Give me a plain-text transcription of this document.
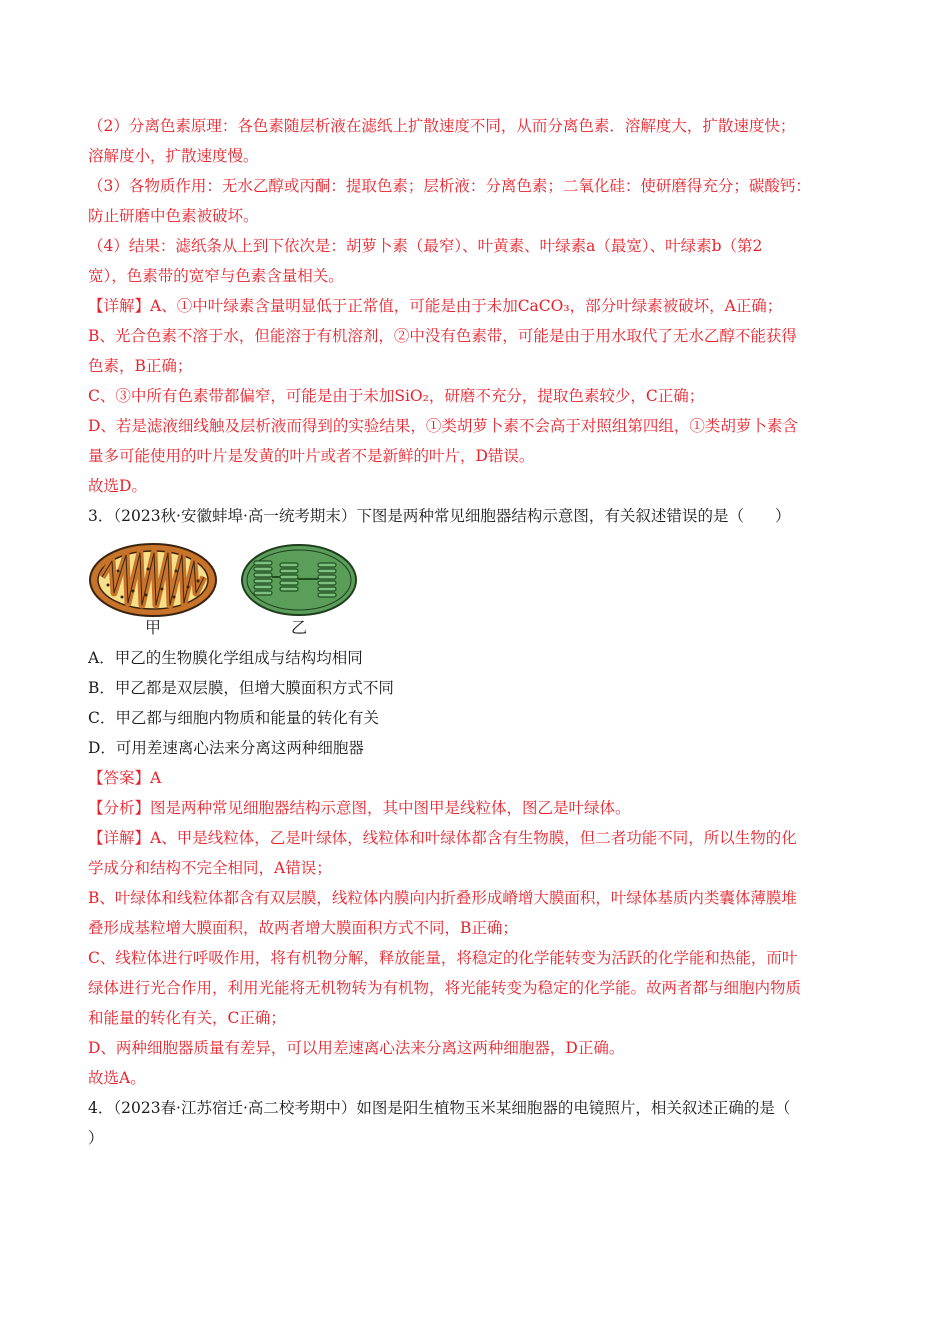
（2）分离色素原理：各色素随层析液在滤纸上扩散速度不同，从而分离色素．溶解度大，扩散速度快；
溶解度小，扩散速度慢。
（3）各物质作用：无水乙醇或丙酮：提取色素；层析液：分离色素；二氧化硅：使研磨得充分；碳酸钙：
防止研磨中色素被破坏。
（4）结果：滤纸条从上到下依次是：胡萝卜素（最窄）、叶黄素、叶绿素a（最宽）、叶绿素b（第2
宽），色素带的宽窄与色素含量相关。
【详解】A、①中叶绿素含量明显低于正常值，可能是由于未加CaCO₃，部分叶绿素被破坏，A正确；
B、光合色素不溶于水，但能溶于有机溶剂，②中没有色素带，可能是由于用水取代了无水乙醇不能获得
色素，B正确；
C、③中所有色素带都偏窄，可能是由于未加SiO₂，研磨不充分，提取色素较少，C正确；
D、若是滤液细线触及层析液而得到的实验结果，①类胡萝卜素不会高于对照组第四组，①类胡萝卜素含
量多可能使用的叶片是发黄的叶片或者不是新鲜的叶片，D错误。
故选D。
3．（2023秋·安徽蚌埠·高一统考期末）下图是两种常见细胞器结构示意图，有关叙述错误的是（　　）
甲	乙
A．甲乙的生物膜化学组成与结构均相同
B．甲乙都是双层膜，但增大膜面积方式不同
C．甲乙都与细胞内物质和能量的转化有关
D．可用差速离心法来分离这两种细胞器
【答案】A
【分析】图是两种常见细胞器结构示意图，其中图甲是线粒体，图乙是叶绿体。
【详解】A、甲是线粒体，乙是叶绿体，线粒体和叶绿体都含有生物膜，但二者功能不同，所以生物的化
学成分和结构不完全相同，A错误；
B、叶绿体和线粒体都含有双层膜，线粒体内膜向内折叠形成嵴增大膜面积，叶绿体基质内类囊体薄膜堆
叠形成基粒增大膜面积，故两者增大膜面积方式不同，B正确；
C、线粒体进行呼吸作用，将有机物分解，释放能量，将稳定的化学能转变为活跃的化学能和热能，而叶
绿体进行光合作用，利用光能将无机物转为有机物，将光能转变为稳定的化学能。故两者都与细胞内物质
和能量的转化有关，C正确；
D、两种细胞器质量有差异，可以用差速离心法来分离这两种细胞器，D正确。
故选A。
4．（2023春·江苏宿迁·高二校考期中）如图是阳生植物玉米某细胞器的电镜照片，相关叙述正确的是（
）
